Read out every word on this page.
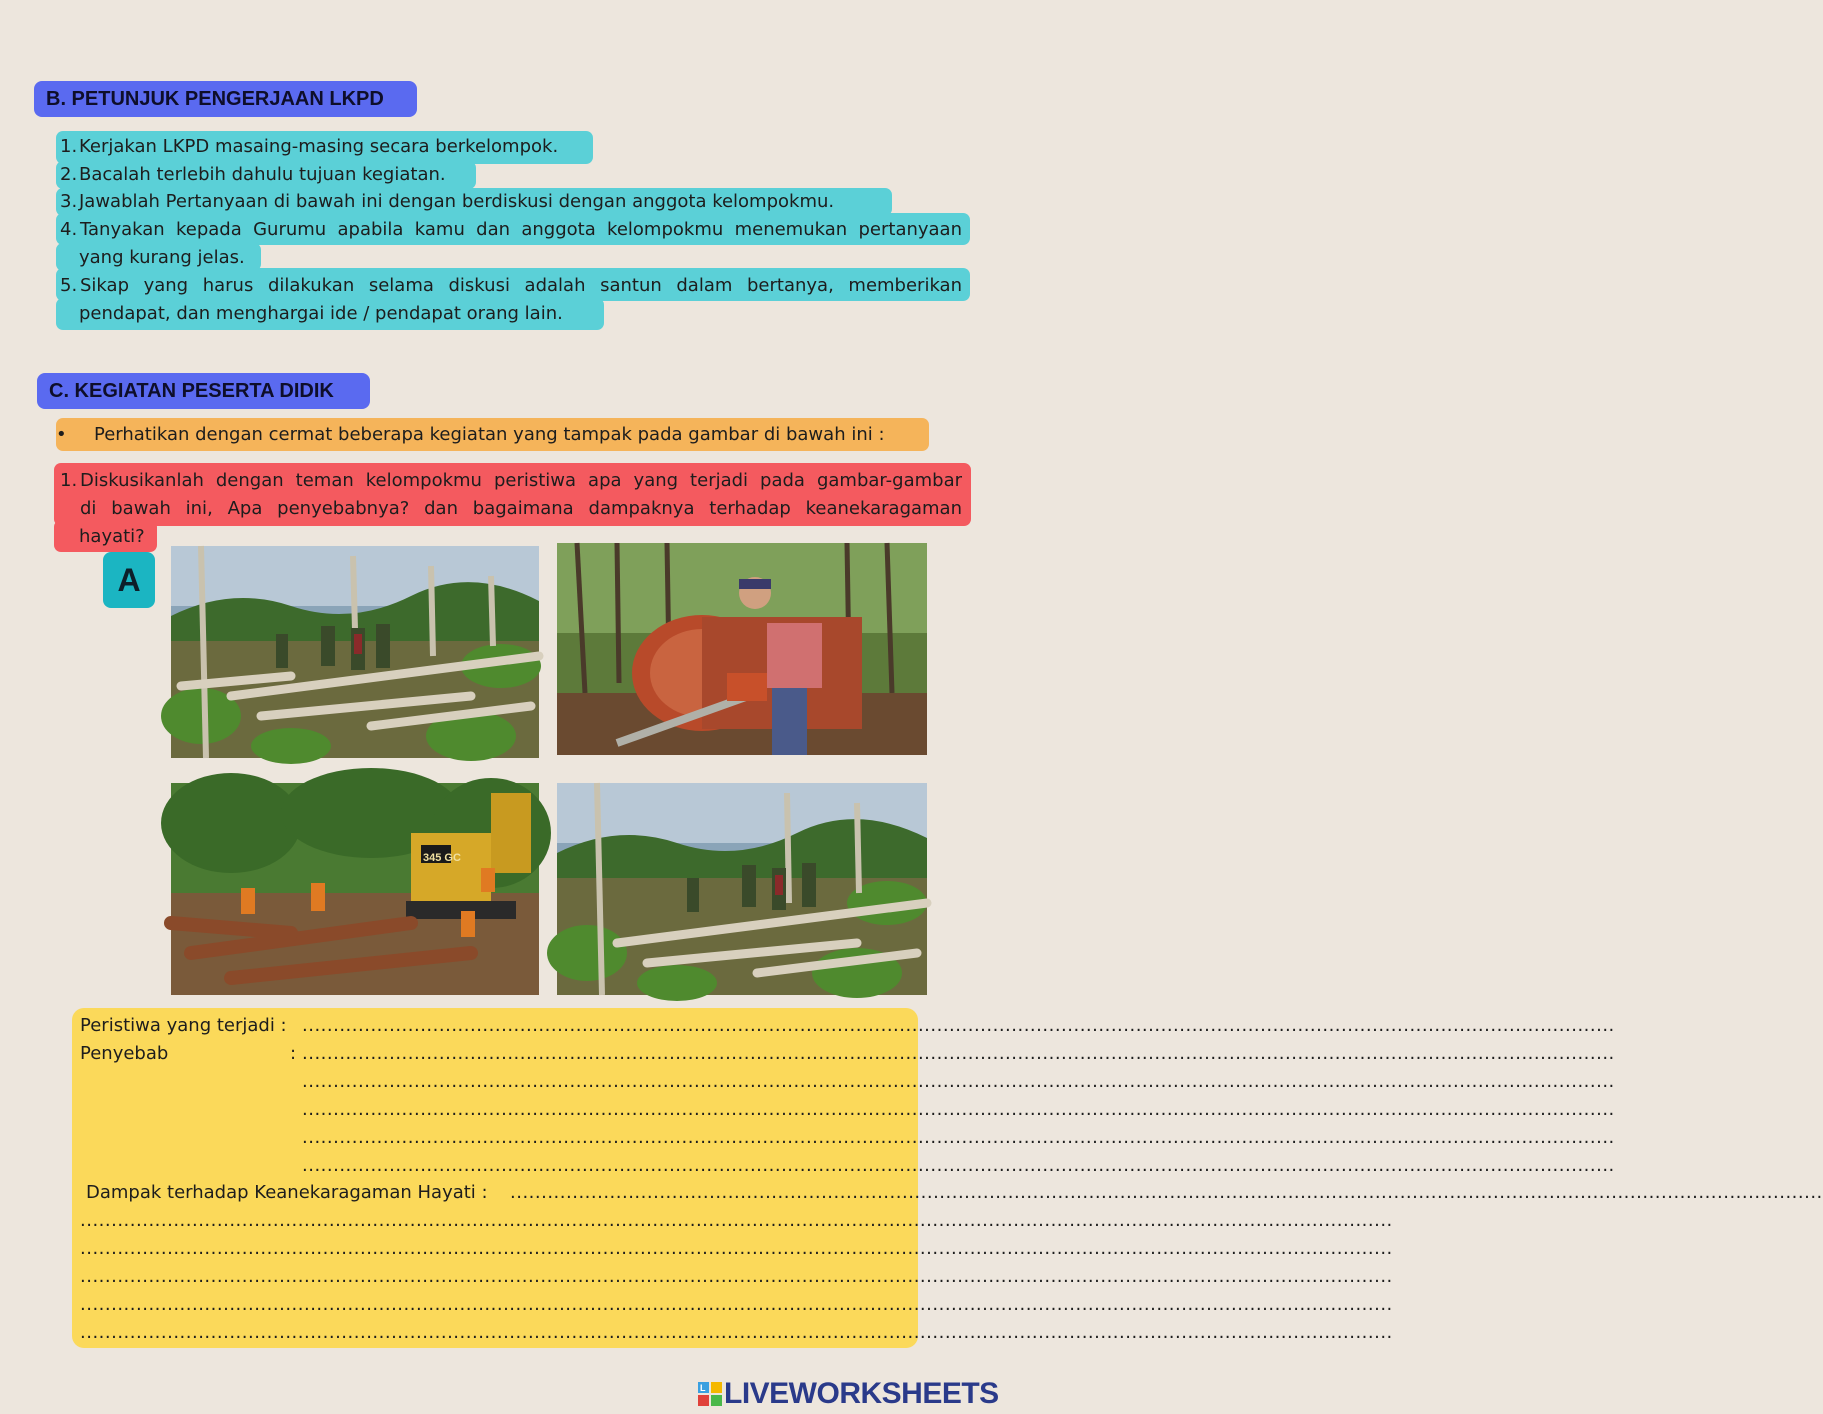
B. PETUNJUK PENGERJAAN LKPD
1. Kerjakan LKPD masaing-masing secara berkelompok.
2. Bacalah terlebih dahulu tujuan kegiatan.
3. Jawablah Pertanyaan di bawah ini dengan berdiskusi dengan anggota kelompokmu.
4. Tanyakan kepada Gurumu apabila kamu dan anggota kelompokmu menemukan pertanyaan
yang kurang jelas.
5. Sikap yang harus dilakukan selama diskusi adalah santun dalam bertanya, memberikan
pendapat, dan menghargai ide / pendapat orang lain.
C. KEGIATAN PESERTA DIDIK
• Perhatikan dengan cermat beberapa kegiatan yang tampak pada gambar di bawah ini :
1. Diskusikanlah dengan teman kelompokmu peristiwa apa yang terjadi pada gambar-gambar
di bawah ini, Apa penyebabnya? dan bagaimana dampaknya terhadap keanekaragaman
hayati?
A
345 GC
Peristiwa yang terjadi : ...................................................................................................................................................................................................................
Penyebab	: ...................................................................................................................................................................................................................
...................................................................................................................................................................................................................
...................................................................................................................................................................................................................
...................................................................................................................................................................................................................
...................................................................................................................................................................................................................
Dampak terhadap Keanekaragaman Hayati : ...................................................................................................................................................................................................................
...................................................................................................................................................................................................................
...................................................................................................................................................................................................................
...................................................................................................................................................................................................................
...................................................................................................................................................................................................................
...................................................................................................................................................................................................................
L LIVEWORKSHEETS
